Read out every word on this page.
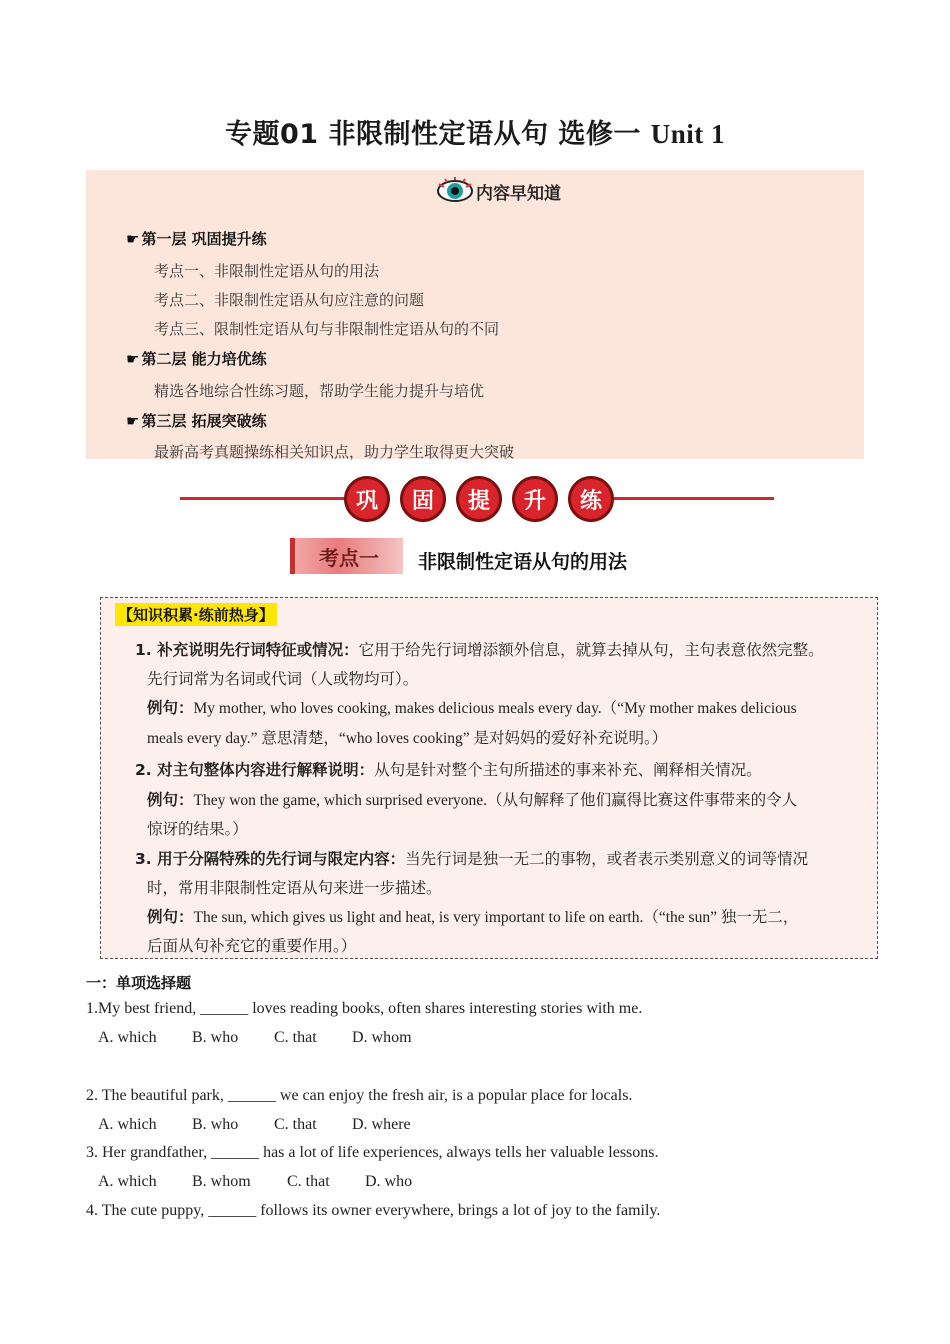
专题01 非限制性定语从句 选修一 Unit 1
内容早知道
☛ 第一层 巩固提升练
考点一、非限制性定语从句的用法
考点二、非限制性定语从句应注意的问题
考点三、限制性定语从句与非限制性定语从句的不同
☛ 第二层 能力培优练
精选各地综合性练习题，帮助学生能力提升与培优
☛ 第三层 拓展突破练
最新高考真题操练相关知识点，助力学生取得更大突破
巩	固	提	升	练
考点一	非限制性定语从句的用法
【知识积累·练前热身】
1. 补充说明先行词特征或情况：它用于给先行词增添额外信息，就算去掉从句，主句表意依然完整。
先行词常为名词或代词（人或物均可）。
例句：My mother, who loves cooking, makes delicious meals every day.（“My mother makes delicious
meals every day.” 意思清楚，“who loves cooking” 是对妈妈的爱好补充说明。）
2. 对主句整体内容进行解释说明：从句是针对整个主句所描述的事来补充、阐释相关情况。
例句：They won the game, which surprised everyone.（从句解释了他们赢得比赛这件事带来的令人
惊讶的结果。）
3. 用于分隔特殊的先行词与限定内容：当先行词是独一无二的事物，或者表示类别意义的词等情况
时，常用非限制性定语从句来进一步描述。
例句：The sun, which gives us light and heat, is very important to life on earth.（“the sun” 独一无二，
后面从句补充它的重要作用。）
一：单项选择题
1.My best friend, ______ loves reading books, often shares interesting stories with me.
A. which	B. who	C. that	D. whom
2. The beautiful park, ______ we can enjoy the fresh air, is a popular place for locals.
A. which	B. who	C. that	D. where
3. Her grandfather, ______ has a lot of life experiences, always tells her valuable lessons.
A. which	B. whom	C. that	D. who
4. The cute puppy, ______ follows its owner everywhere, brings a lot of joy to the family.
